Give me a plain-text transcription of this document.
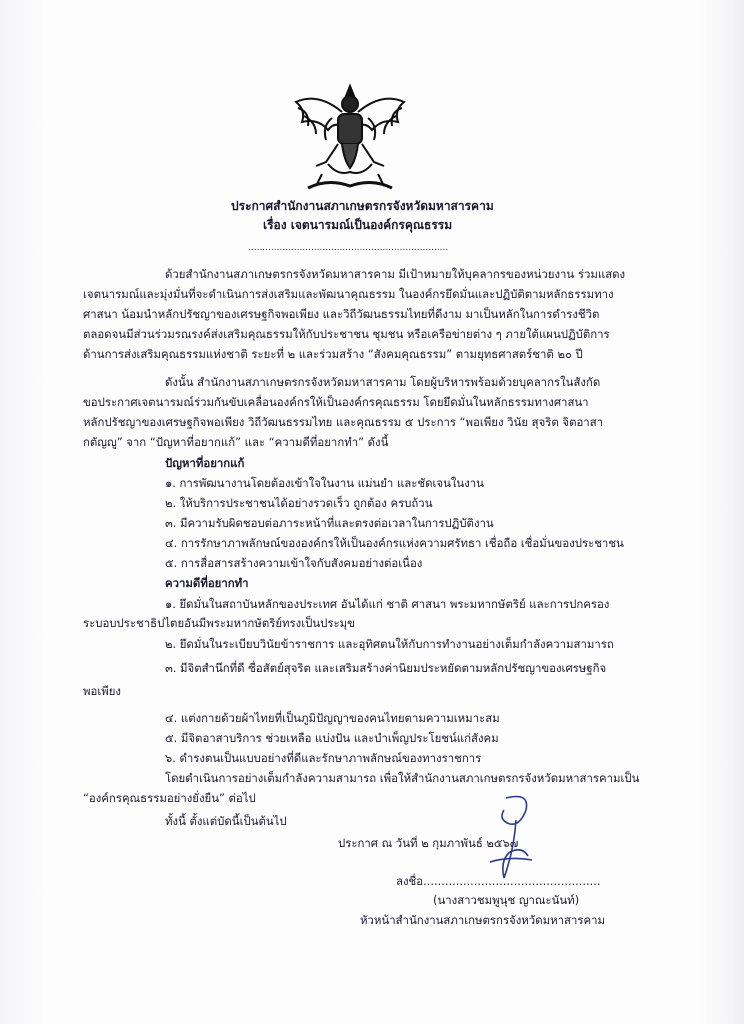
ประกาศสำนักงานสภาเกษตรกรจังหวัดมหาสารคาม
เรื่อง เจตนารมณ์เป็นองค์กรคุณธรรม
......................................................................
ด้วยสำนักงานสภาเกษตรกรจังหวัดมหาสารคาม มีเป้าหมายให้บุคลากรของหน่วยงาน ร่วมแสดง
เจตนารมณ์และมุ่งมั่นที่จะดำเนินการส่งเสริมและพัฒนาคุณธรรม ในองค์กรยึดมั่นและปฏิบัติตามหลักธรรมทาง
ศาสนา น้อมนำหลักปรัชญาของเศรษฐกิจพอเพียง และวิถีวัฒนธรรมไทยที่ดีงาม มาเป็นหลักในการดำรงชีวิต
ตลอดจนมีส่วนร่วมรณรงค์ส่งเสริมคุณธรรมให้กับประชาชน ชุมชน หรือเครือข่ายต่าง ๆ ภายใต้แผนปฏิบัติการ
ด้านการส่งเสริมคุณธรรมแห่งชาติ ระยะที่ ๒ และร่วมสร้าง “สังคมคุณธรรม” ตามยุทธศาสตร์ชาติ ๒๐ ปี
ดังนั้น สำนักงานสภาเกษตรกรจังหวัดมหาสารคาม โดยผู้บริหารพร้อมด้วยบุคลากรในสังกัด
ขอประกาศเจตนารมณ์ร่วมกันขับเคลื่อนองค์กรให้เป็นองค์กรคุณธรรม โดยยึดมั่นในหลักธรรมทางศาสนา
หลักปรัชญาของเศรษฐกิจพอเพียง วิถีวัฒนธรรมไทย และคุณธรรม ๕ ประการ “พอเพียง วินัย สุจริต จิตอาสา
กตัญญู” จาก “ปัญหาที่อยากแก้” และ “ความดีที่อยากทำ” ดังนี้
ปัญหาที่อยากแก้
๑. การพัฒนางานโดยต้องเข้าใจในงาน แม่นยำ และชัดเจนในงาน
๒. ให้บริการประชาชนได้อย่างรวดเร็ว ถูกต้อง ครบถ้วน
๓. มีความรับผิดชอบต่อภาระหน้าที่และตรงต่อเวลาในการปฏิบัติงาน
๔. การรักษาภาพลักษณ์ขององค์กรให้เป็นองค์กรแห่งความศรัทธา เชื่อถือ เชื่อมั่นของประชาชน
๕. การสื่อสารสร้างความเข้าใจกับสังคมอย่างต่อเนื่อง
ความดีที่อยากทำ
๑. ยึดมั่นในสถาบันหลักของประเทศ อันได้แก่ ชาติ ศาสนา พระมหากษัตริย์ และการปกครอง
ระบอบประชาธิปไตยอันมีพระมหากษัตริย์ทรงเป็นประมุข
๒. ยึดมั่นในระเบียบวินัยข้าราชการ และอุทิศตนให้กับการทำงานอย่างเต็มกำลังความสามารถ
๓. มีจิตสำนึกที่ดี ซื่อสัตย์สุจริต และเสริมสร้างค่านิยมประหยัดตามหลักปรัชญาของเศรษฐกิจ
พอเพียง
๔. แต่งกายด้วยผ้าไทยที่เป็นภูมิปัญญาของคนไทยตามความเหมาะสม
๕. มีจิตอาสาบริการ ช่วยเหลือ แบ่งปัน และบำเพ็ญประโยชน์แก่สังคม
๖. ดำรงตนเป็นแบบอย่างที่ดีและรักษาภาพลักษณ์ของทางราชการ
โดยดำเนินการอย่างเต็มกำลังความสามารถ เพื่อให้สำนักงานสภาเกษตรกรจังหวัดมหาสารคามเป็น
“องค์กรคุณธรรมอย่างยั่งยืน” ต่อไป
ทั้งนี้ ตั้งแต่บัดนี้เป็นต้นไป
ประกาศ ณ วันที่ ๒ กุมภาพันธ์ ๒๕๖๗
ลงชื่อ.................................................
(นางสาวชมพูนุช ญาณะนันท์)
หัวหน้าสำนักงานสภาเกษตรกรจังหวัดมหาสารคาม
